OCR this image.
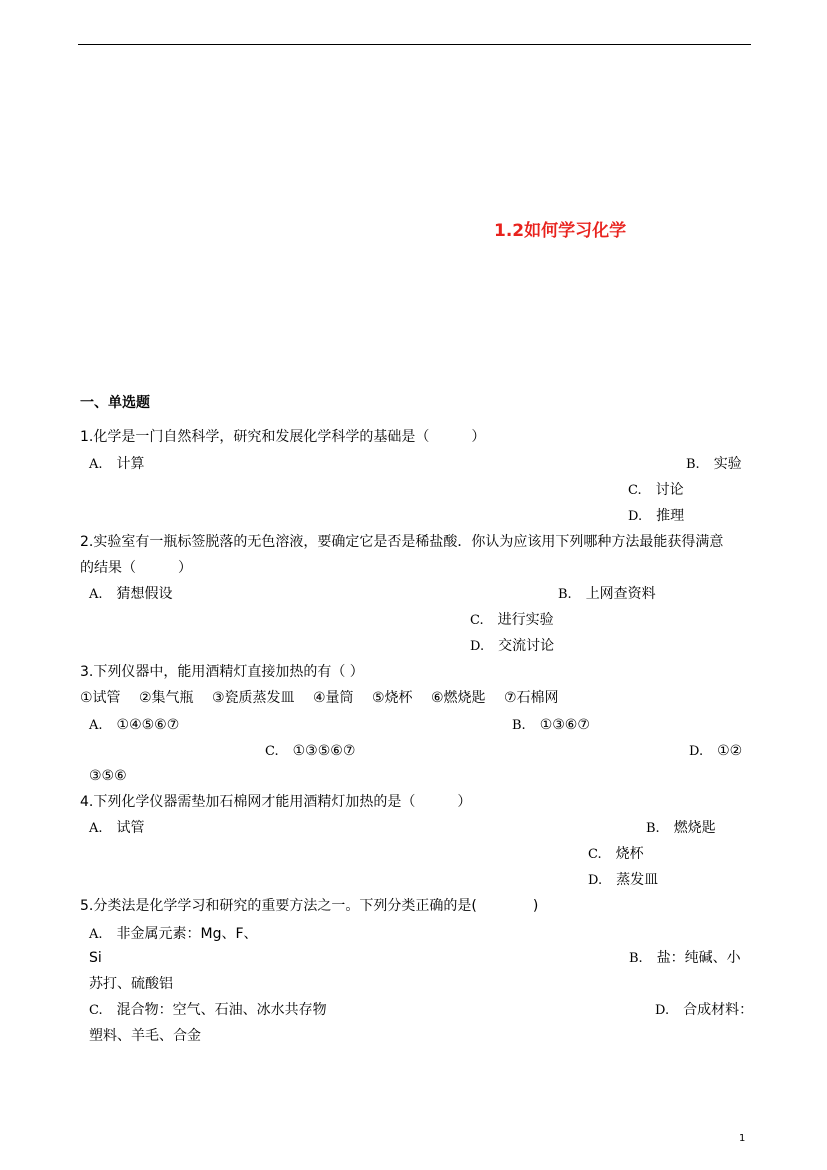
1.2如何学习化学
一、单选题
1.化学是一门自然科学，研究和发展化学科学的基础是（　　　）
A. 计算	B. 实验
C. 讨论
D. 推理
2.实验室有一瓶标签脱落的无色溶液，要确定它是否是稀盐酸．你认为应该用下列哪种方法最能获得满意
的结果（　　　）
A. 猜想假设	B. 上网查资料
C. 进行实验
D. 交流讨论
3.下列仪器中，能用酒精灯直接加热的有（ ）
①试管　 ②集气瓶　 ③瓷质蒸发皿　 ④量筒　 ⑤烧杯　 ⑥燃烧匙　 ⑦石棉网
A. ①④⑤⑥⑦	B. ①③⑥⑦
C. ①③⑤⑥⑦	D. ①②
③⑤⑥
4.下列化学仪器需垫加石棉网才能用酒精灯加热的是（　　　）
A. 试管	B. 燃烧匙
C. 烧杯
D. 蒸发皿
5.分类法是化学学习和研究的重要方法之一。下列分类正确的是(　　　　)
A. 非金属元素：Mg、F、
Si	B. 盐：纯碱、小
苏打、硫酸铝
C. 混合物：空气、石油、冰水共存物	D. 合成材料：
塑料、羊毛、合金
1
